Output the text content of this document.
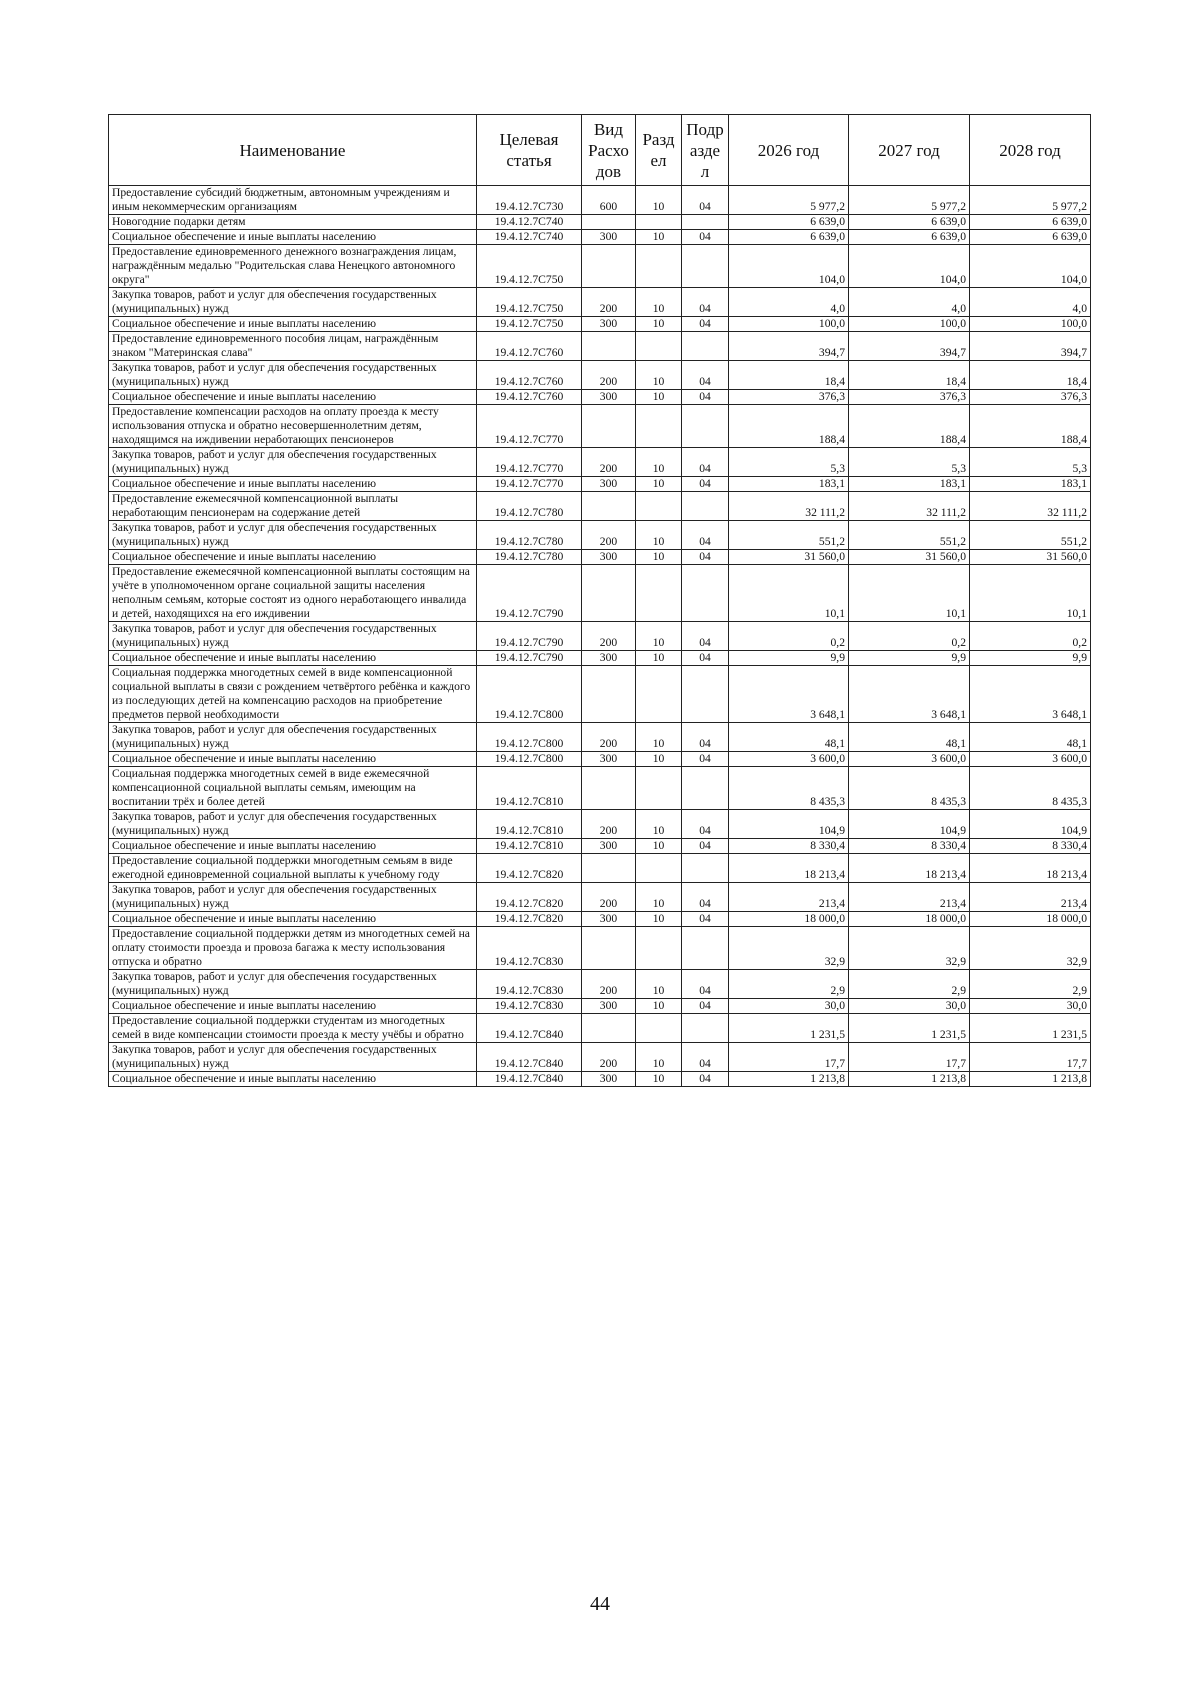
Наименование	Целевая статья	Вид Расхо дов	Разд ел	Подр азде л	2026 год	2027 год	2028 год
Предоставление субсидий бюджетным, автономным учреждениям и иным некоммерческим организациям	19.4.12.7C730	600	10	04	5 977,2	5 977,2	5 977,2
Новогодние подарки детям	19.4.12.7C740				6 639,0	6 639,0	6 639,0
Социальное обеспечение и иные выплаты населению	19.4.12.7C740	300	10	04	6 639,0	6 639,0	6 639,0
Предоставление единовременного денежного вознаграждения лицам, награждённым медалью "Родительская слава Ненецкого автономного округа"	19.4.12.7C750				104,0	104,0	104,0
Закупка товаров, работ и услуг для обеспечения государственных (муниципальных) нужд	19.4.12.7C750	200	10	04	4,0	4,0	4,0
Социальное обеспечение и иные выплаты населению	19.4.12.7C750	300	10	04	100,0	100,0	100,0
Предоставление единовременного пособия лицам, награждённым знаком "Материнская слава"	19.4.12.7C760				394,7	394,7	394,7
Закупка товаров, работ и услуг для обеспечения государственных (муниципальных) нужд	19.4.12.7C760	200	10	04	18,4	18,4	18,4
Социальное обеспечение и иные выплаты населению	19.4.12.7C760	300	10	04	376,3	376,3	376,3
Предоставление компенсации расходов на оплату проезда к месту использования отпуска и обратно несовершеннолетним детям, находящимся на иждивении неработающих пенсионеров	19.4.12.7C770				188,4	188,4	188,4
Закупка товаров, работ и услуг для обеспечения государственных (муниципальных) нужд	19.4.12.7C770	200	10	04	5,3	5,3	5,3
Социальное обеспечение и иные выплаты населению	19.4.12.7C770	300	10	04	183,1	183,1	183,1
Предоставление ежемесячной компенсационной выплаты неработающим пенсионерам на содержание детей	19.4.12.7C780				32 111,2	32 111,2	32 111,2
Закупка товаров, работ и услуг для обеспечения государственных (муниципальных) нужд	19.4.12.7C780	200	10	04	551,2	551,2	551,2
Социальное обеспечение и иные выплаты населению	19.4.12.7C780	300	10	04	31 560,0	31 560,0	31 560,0
Предоставление ежемесячной компенсационной выплаты состоящим на учёте в уполномоченном органе социальной защиты населения неполным семьям, которые состоят из одного неработающего инвалида и детей, находящихся на его иждивении	19.4.12.7C790				10,1	10,1	10,1
Закупка товаров, работ и услуг для обеспечения государственных (муниципальных) нужд	19.4.12.7C790	200	10	04	0,2	0,2	0,2
Социальное обеспечение и иные выплаты населению	19.4.12.7C790	300	10	04	9,9	9,9	9,9
Социальная поддержка многодетных семей в виде компенсационной социальной выплаты в связи с рождением четвёртого ребёнка и каждого из последующих детей на компенсацию расходов на приобретение предметов первой необходимости	19.4.12.7C800				3 648,1	3 648,1	3 648,1
Закупка товаров, работ и услуг для обеспечения государственных (муниципальных) нужд	19.4.12.7C800	200	10	04	48,1	48,1	48,1
Социальное обеспечение и иные выплаты населению	19.4.12.7C800	300	10	04	3 600,0	3 600,0	3 600,0
Социальная поддержка многодетных семей в виде ежемесячной компенсационной социальной выплаты семьям, имеющим на воспитании трёх и более детей	19.4.12.7C810				8 435,3	8 435,3	8 435,3
Закупка товаров, работ и услуг для обеспечения государственных (муниципальных) нужд	19.4.12.7C810	200	10	04	104,9	104,9	104,9
Социальное обеспечение и иные выплаты населению	19.4.12.7C810	300	10	04	8 330,4	8 330,4	8 330,4
Предоставление социальной поддержки многодетным семьям в виде ежегодной единовременной социальной выплаты к учебному году	19.4.12.7C820				18 213,4	18 213,4	18 213,4
Закупка товаров, работ и услуг для обеспечения государственных (муниципальных) нужд	19.4.12.7C820	200	10	04	213,4	213,4	213,4
Социальное обеспечение и иные выплаты населению	19.4.12.7C820	300	10	04	18 000,0	18 000,0	18 000,0
Предоставление социальной поддержки детям из многодетных семей на оплату стоимости проезда и провоза багажа к месту использования отпуска и обратно	19.4.12.7C830				32,9	32,9	32,9
Закупка товаров, работ и услуг для обеспечения государственных (муниципальных) нужд	19.4.12.7C830	200	10	04	2,9	2,9	2,9
Социальное обеспечение и иные выплаты населению	19.4.12.7C830	300	10	04	30,0	30,0	30,0
Предоставление социальной поддержки студентам из многодетных семей в виде компенсации стоимости проезда к месту учёбы и обратно	19.4.12.7C840				1 231,5	1 231,5	1 231,5
Закупка товаров, работ и услуг для обеспечения государственных (муниципальных) нужд	19.4.12.7C840	200	10	04	17,7	17,7	17,7
Социальное обеспечение и иные выплаты населению	19.4.12.7C840	300	10	04	1 213,8	1 213,8	1 213,8
44
